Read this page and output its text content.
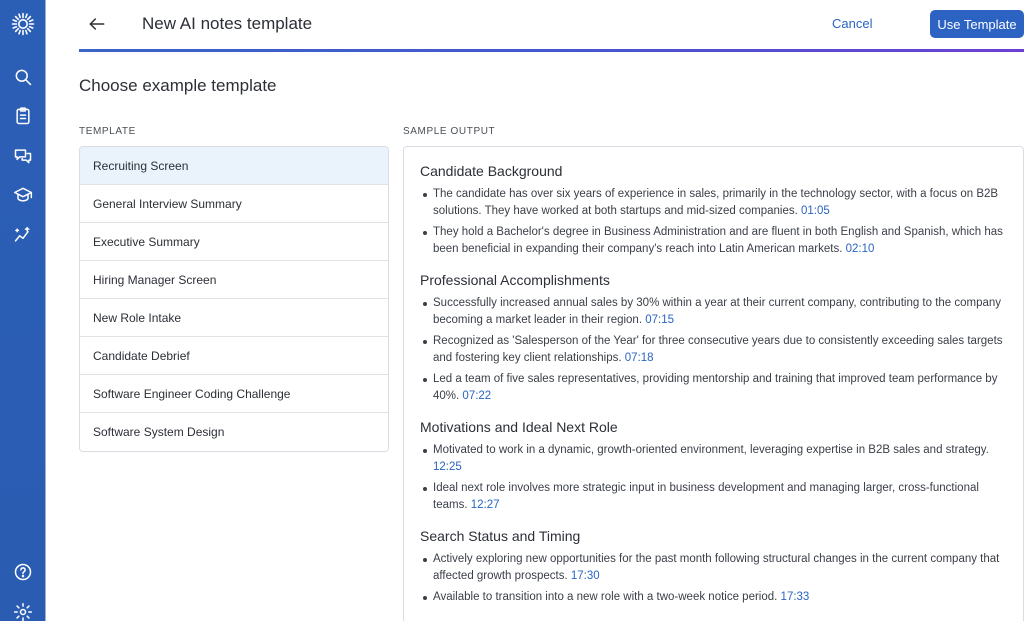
New AI notes template	Cancel	Use Template
Choose example template
TEMPLATE	SAMPLE OUTPUT
Recruiting Screen
General Interview Summary
Executive Summary
Hiring Manager Screen
New Role Intake
Candidate Debrief
Software Engineer Coding Challenge
Software System Design
Candidate Background
The candidate has over six years of experience in sales, primarily in the technology sector, with a focus on B2B solutions. They have worked at both startups and mid-sized companies. 01:05
They hold a Bachelor's degree in Business Administration and are fluent in both English and Spanish, which has been beneficial in expanding their company's reach into Latin American markets. 02:10
Professional Accomplishments
Successfully increased annual sales by 30% within a year at their current company, contributing to the company becoming a market leader in their region. 07:15
Recognized as 'Salesperson of the Year' for three consecutive years due to consistently exceeding sales targets and fostering key client relationships. 07:18
Led a team of five sales representatives, providing mentorship and training that improved team performance by 40%. 07:22
Motivations and Ideal Next Role
Motivated to work in a dynamic, growth-oriented environment, leveraging expertise in B2B sales and strategy. 12:25
Ideal next role involves more strategic input in business development and managing larger, cross-functional teams. 12:27
Search Status and Timing
Actively exploring new opportunities for the past month following structural changes in the current company that affected growth prospects. 17:30
Available to transition into a new role with a two-week notice period. 17:33
